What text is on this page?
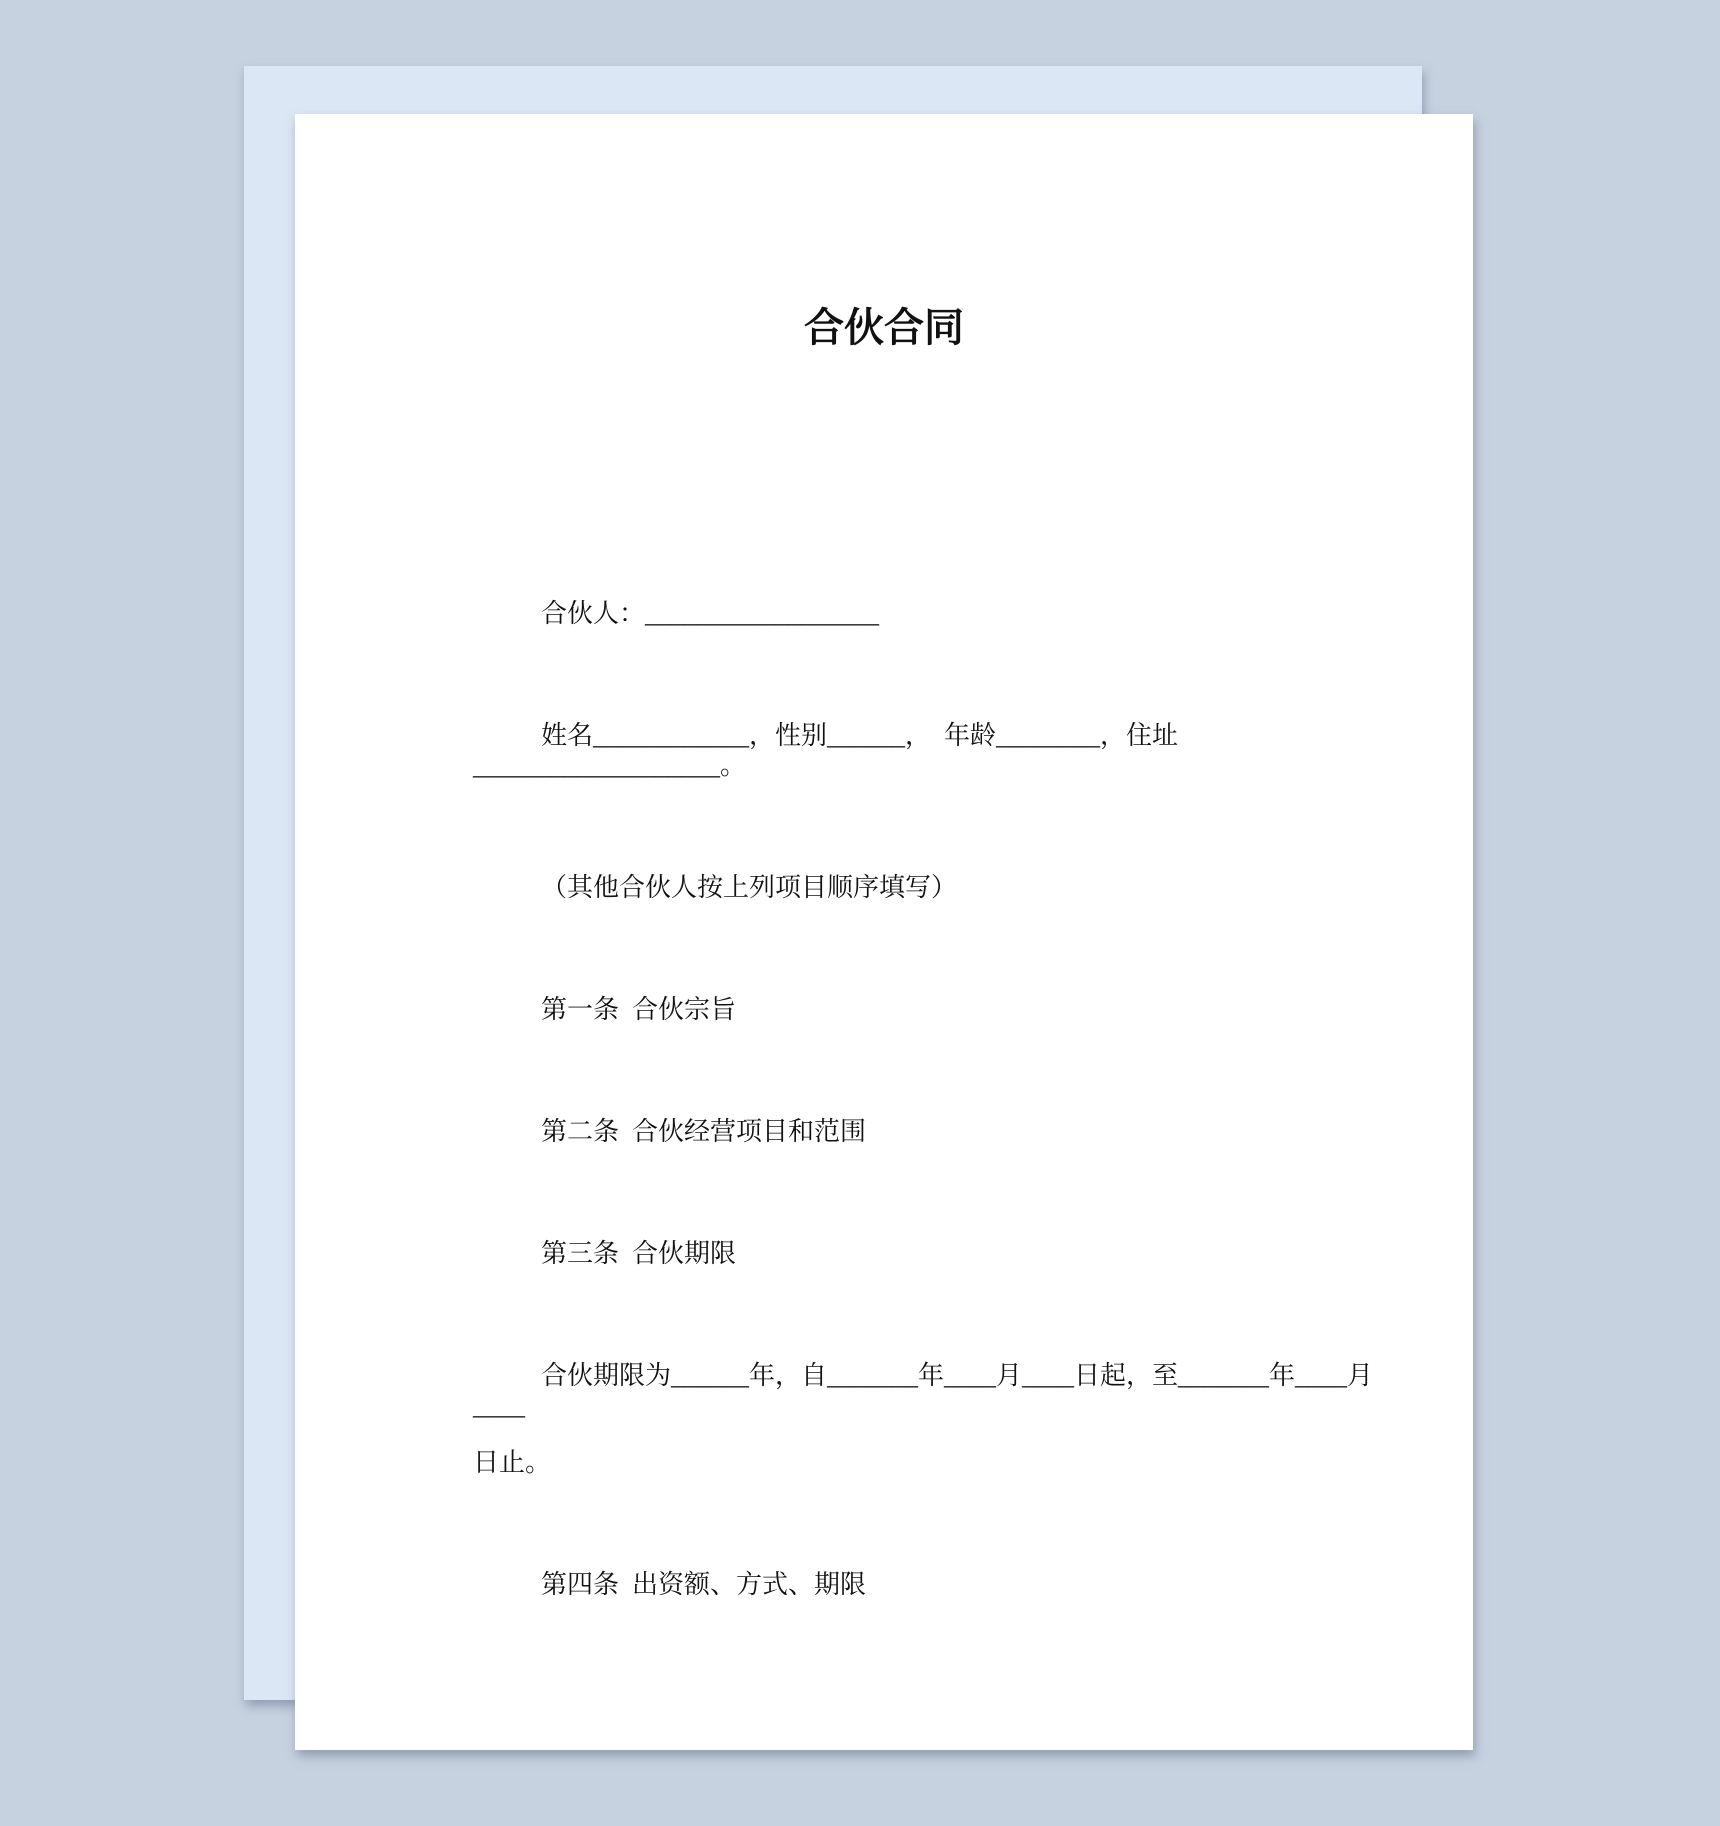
合伙合同

合伙人：__________________

姓名____________，性别______，  年龄________，住址___________________。

（其他合伙人按上列项目顺序填写）

第一条  合伙宗旨

第二条  合伙经营项目和范围

第三条  合伙期限

合伙期限为______年，自_______年____月____日起，至_______年____月____

日止。

第四条  出资额、方式、期限
